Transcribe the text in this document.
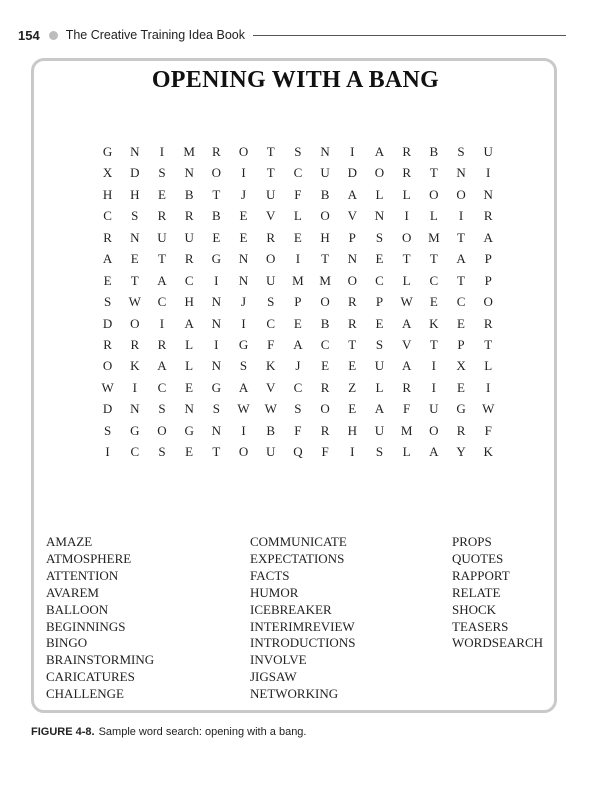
154 The Creative Training Idea Book
OPENING WITH A BANG
G	N	I	M	R	O	T	S	N	I	A	R	B	S	U
X	D	S	N	O	I	T	C	U	D	O	R	T	N	I
H	H	E	B	T	J	U	F	B	A	L	L	O	O	N
C	S	R	R	B	E	V	L	O	V	N	I	L	I	R
R	N	U	U	E	E	R	E	H	P	S	O	M	T	A
A	E	T	R	G	N	O	I	T	N	E	T	T	A	P
E	T	A	C	I	N	U	M	M	O	C	L	C	T	P
S	W	C	H	N	J	S	P	O	R	P	W	E	C	O
D	O	I	A	N	I	C	E	B	R	E	A	K	E	R
R	R	R	L	I	G	F	A	C	T	S	V	T	P	T
O	K	A	L	N	S	K	J	E	E	U	A	I	X	L
W	I	C	E	G	A	V	C	R	Z	L	R	I	E	I
D	N	S	N	S	W	W	S	O	E	A	F	U	G	W
S	G	O	G	N	I	B	F	R	H	U	M	O	R	F
I	C	S	E	T	O	U	Q	F	I	S	L	A	Y	K
AMAZE
ATMOSPHERE
ATTENTION
AVAREM
BALLOON
BEGINNINGS
BINGO
BRAINSTORMING
CARICATURES
CHALLENGE
COMMUNICATE
EXPECTATIONS
FACTS
HUMOR
ICEBREAKER
INTERIMREVIEW
INTRODUCTIONS
INVOLVE
JIGSAW
NETWORKING
PROPS
QUOTES
RAPPORT
RELATE
SHOCK
TEASERS
WORDSEARCH
FIGURE 4-8. Sample word search: opening with a bang.
